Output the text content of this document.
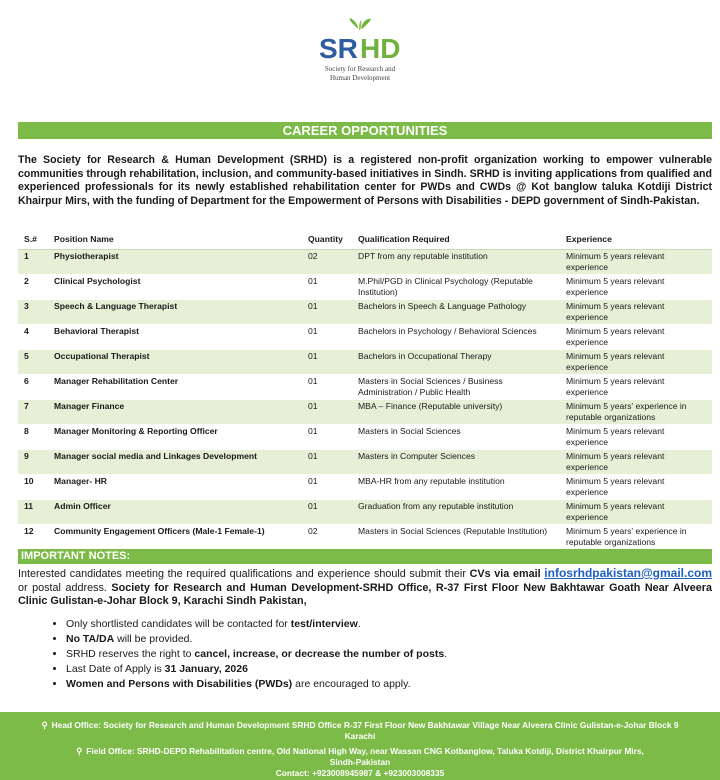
SR HD
Society for Research and
Human Development
CAREER OPPORTUNITIES
The Society for Research & Human Development (SRHD) is a registered non-profit organization working to empower vulnerable communities through rehabilitation, inclusion, and community-based initiatives in Sindh. SRHD is inviting applications from qualified and experienced professionals for its newly established rehabilitation center for PWDs and CWDs @ Kot banglow taluka Kotdiji District Khairpur Mirs, with the funding of Department for the Empowerment of Persons with Disabilities - DEPD government of Sindh-Pakistan.
S.#	Position Name	Quantity	Qualification Required	Experience
1	Physiotherapist	02	DPT from any reputable institution	Minimum 5 years relevant experience
2	Clinical Psychologist	01	M.Phil/PGD in Clinical Psychology (Reputable Institution)	Minimum 5 years relevant experience
3	Speech & Language Therapist	01	Bachelors in Speech & Language Pathology	Minimum 5 years relevant experience
4	Behavioral Therapist	01	Bachelors in Psychology / Behavioral Sciences	Minimum 5 years relevant experience
5	Occupational Therapist	01	Bachelors in Occupational Therapy	Minimum 5 years relevant experience
6	Manager Rehabilitation Center	01	Masters in Social Sciences / Business Administration / Public Health	Minimum 5 years relevant experience
7	Manager Finance	01	MBA – Finance (Reputable university)	Minimum 5 years' experience in reputable organizations
8	Manager Monitoring & Reporting Officer	01	Masters in Social Sciences	Minimum 5 years relevant experience
9	Manager social media and Linkages Development	01	Masters in Computer Sciences	Minimum 5 years relevant experience
10	Manager- HR	01	MBA-HR from any reputable institution	Minimum 5 years relevant experience
11	Admin Officer	01	Graduation from any reputable institution	Minimum 5 years relevant experience
12	Community Engagement Officers (Male-1 Female-1)	02	Masters in Social Sciences (Reputable Institution)	Minimum 5 years' experience in reputable organizations
IMPORTANT NOTES:
Interested candidates meeting the required qualifications and experience should submit their CVs via email infosrhdpakistan@gmail.com or postal address. Society for Research and Human Development-SRHD Office, R-37 First Floor New Bakhtawar Goath Near Alveera Clinic Gulistan-e-Johar Block 9, Karachi Sindh Pakistan,
• Only shortlisted candidates will be contacted for test/interview.
• No TA/DA will be provided.
• SRHD reserves the right to cancel, increase, or decrease the number of posts.
• Last Date of Apply is 31 January, 2026
• Women and Persons with Disabilities (PWDs) are encouraged to apply.
⚲ Head Office: Society for Research and Human Development SRHD Office R-37 First Floor New Bakhtawar Village Near Alveera Clinic Gulistan-e-Johar Block 9
Karachi
⚲ Field Office: SRHD-DEPD Rehabilitation centre, Old National High Way, near Wassan CNG Kotbanglow, Taluka Kotdiji, District Khairpur Mirs,
Sindh-Pakistan
Contact: +923008945987 & +923003008335
